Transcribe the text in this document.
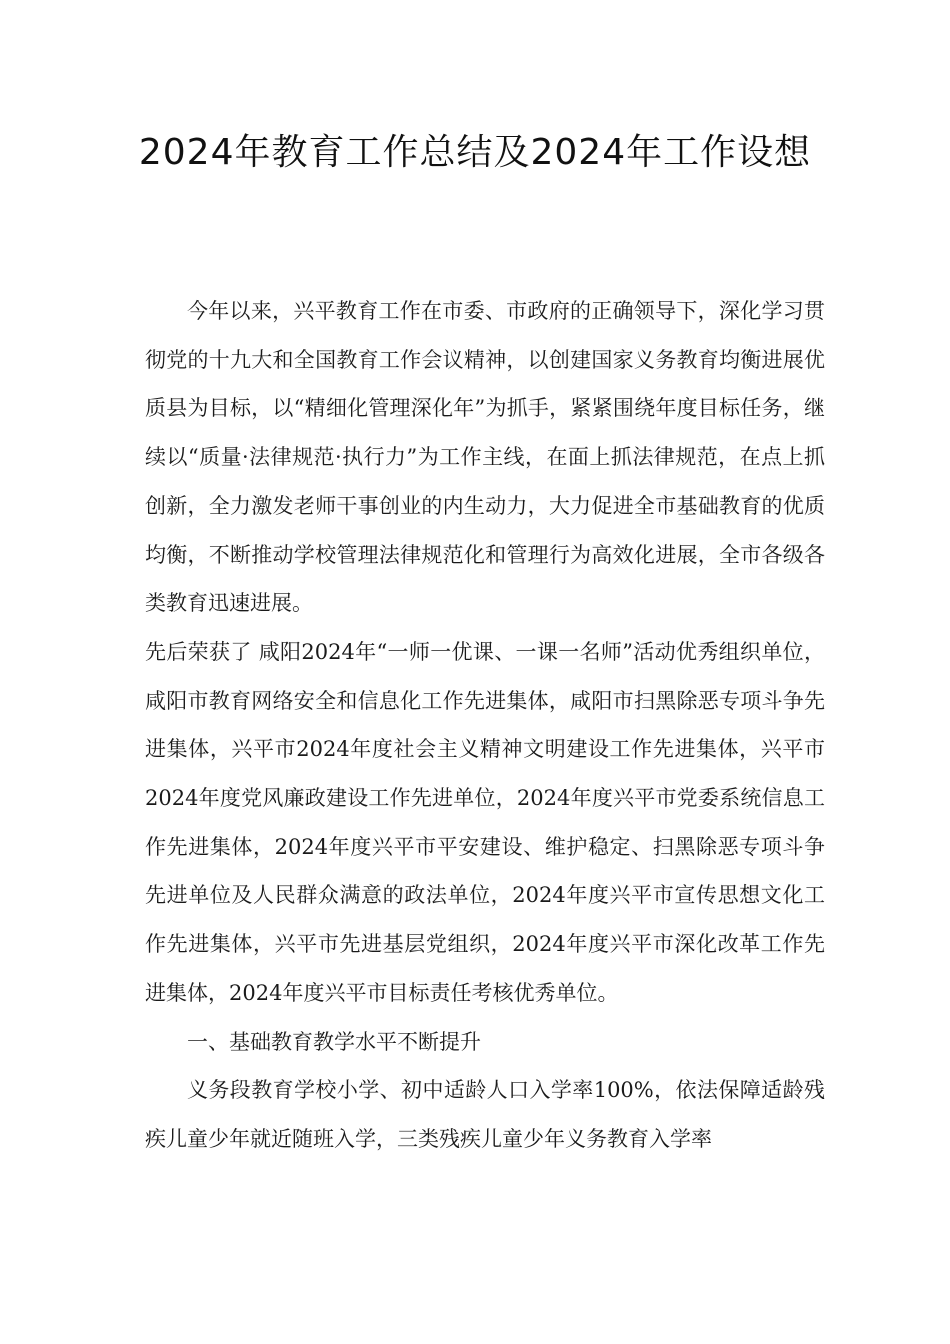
2024年教育工作总结及2024年工作设想

今年以来，兴平教育工作在市委、市政府的正确领导下，深化学习贯彻党的十九大和全国教育工作会议精神，以创建国家义务教育均衡进展优质县为目标，以“精细化管理深化年”为抓手，紧紧围绕年度目标任务，继续以“质量·法律规范·执行力”为工作主线，在面上抓法律规范，在点上抓创新，全力激发老师干事创业的内生动力，大力促进全市基础教育的优质均衡，不断推动学校管理法律规范化和管理行为高效化进展，全市各级各类教育迅速进展。

先后荣获了 咸阳2024年“一师一优课、一课一名师”活动优秀组织单位，咸阳市教育网络安全和信息化工作先进集体，咸阳市扫黑除恶专项斗争先进集体，兴平市2024年度社会主义精神文明建设工作先进集体，兴平市2024年度党风廉政建设工作先进单位，2024年度兴平市党委系统信息工作先进集体，2024年度兴平市平安建设、维护稳定、扫黑除恶专项斗争先进单位及人民群众满意的政法单位，2024年度兴平市宣传思想文化工作先进集体，兴平市先进基层党组织，2024年度兴平市深化改革工作先进集体，2024年度兴平市目标责任考核优秀单位。

一、基础教育教学水平不断提升

义务段教育学校小学、初中适龄人口入学率100%，依法保障适龄残疾儿童少年就近随班入学，三类残疾儿童少年义务教育入学率
